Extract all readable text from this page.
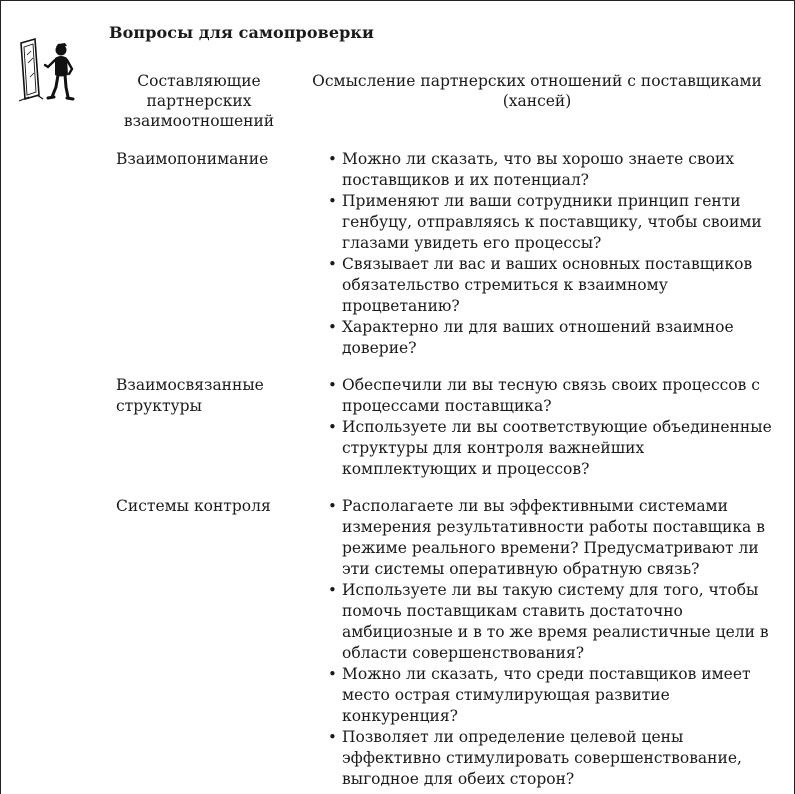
Вопросы для самопроверки
Составляющие партнерских взаимоотношений
Осмысление партнерских отношений с поставщиками (хансей)
Взаимопонимание	• Можно ли сказать, что вы хорошо знаете своих поставщиков и их потенциал?
• Применяют ли ваши сотрудники принцип генти генбуцу, отправляясь к поставщику, чтобы своими глазами увидеть его процессы?
• Связывает ли вас и ваших основных поставщиков обязательство стремиться к взаимному процветанию?
• Характерно ли для ваших отношений взаимное доверие?
Взаимосвязанные структуры
• Обеспечили ли вы тесную связь своих процессов с процессами поставщика?
• Используете ли вы соответствующие объединенные структуры для контроля важнейших комплектующих и процессов?
Системы контроля	• Располагаете ли вы эффективными системами измерения результативности работы поставщика в режиме реального времени? Предусматривают ли эти системы оперативную обратную связь?
• Используете ли вы такую систему для того, чтобы помочь поставщикам ставить достаточно амбициозные и в то же время реалистичные цели в области совершенствования?
• Можно ли сказать, что среди поставщиков имеет место острая стимулирующая развитие конкуренция?
• Позволяет ли определение целевой цены эффективно стимулировать совершенствование, выгодное для обеих сторон?
